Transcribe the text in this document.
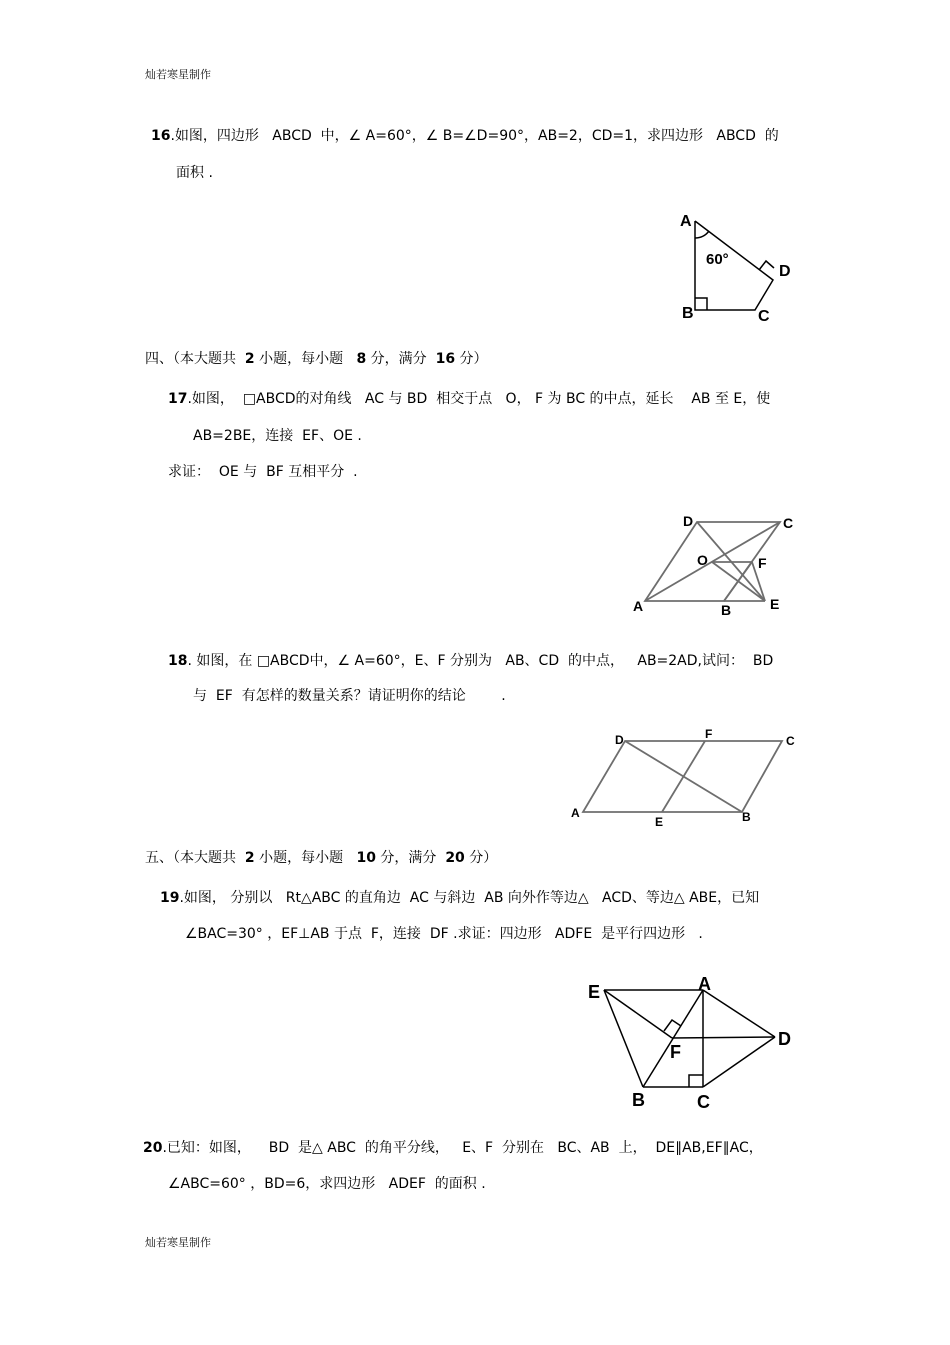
灿若寒星制作
16.如图，四边形   ABCD  中，∠ A=60°，∠ B=∠D=90°，AB=2，CD=1，求四边形   ABCD  的
面积 .
A
60°
D
B	C
四、（本大题共 2 小题，每小题 8 分，满分 16 分）
17.如图，  □ABCD的对角线   AC 与 BD  相交于点   O， F 为 BC 的中点，延长    AB 至 E，使
AB=2BE，连接  EF、OE .
求证：  OE 与  BF 互相平分  .
D	C
O	F
A	B	E
18. 如图，在 □ABCD中，∠ A=60°，E、F 分别为   AB、CD  的中点，   AB=2AD,试问：  BD
与  EF  有怎样的数量关系？请证明你的结论        .
D	F	C
A
E	B
五、（本大题共 2 小题，每小题 10 分，满分 20 分）
19.如图， 分别以   Rt△ABC 的直角边  AC 与斜边  AB 向外作等边△   ACD、等边△ ABE，已知
∠BAC=30° ，EF⊥AB 于点  F，连接  DF .求证：四边形   ADFE  是平行四边形   .
E	A
D
F
B	C
20.已知：如图，    BD  是△ ABC  的角平分线，   E、F  分别在   BC、AB  上，  DE∥AB,EF∥AC，
∠ABC=60° ，BD=6，求四边形   ADEF  的面积 .
灿若寒星制作
